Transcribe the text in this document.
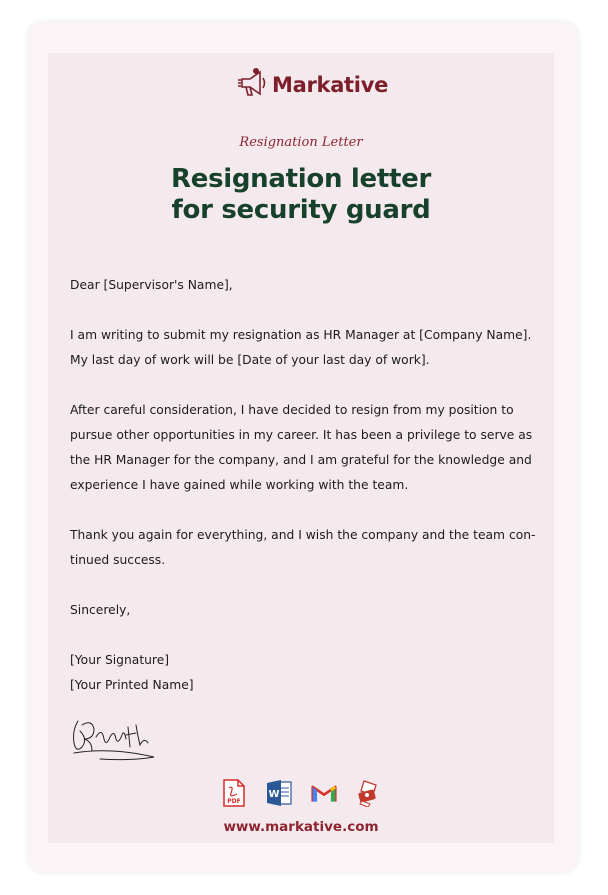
Markative
Resignation Letter
Resignation letter
for security guard

Dear [Supervisor's Name],

I am writing to submit my resignation as HR Manager at [Company Name].

My last day of work will be [Date of your last day of work].

After careful consideration, I have decided to resign from my position to

pursue other opportunities in my career. It has been a privilege to serve as

the HR Manager for the company, and I am grateful for the knowledge and

experience I have gained while working with the team.

Thank you again for everything, and I wish the company and the team con-

tinued success.

Sincerely,

[Your Signature]

[Your Printed Name]

PDF
W
www.markative.com
